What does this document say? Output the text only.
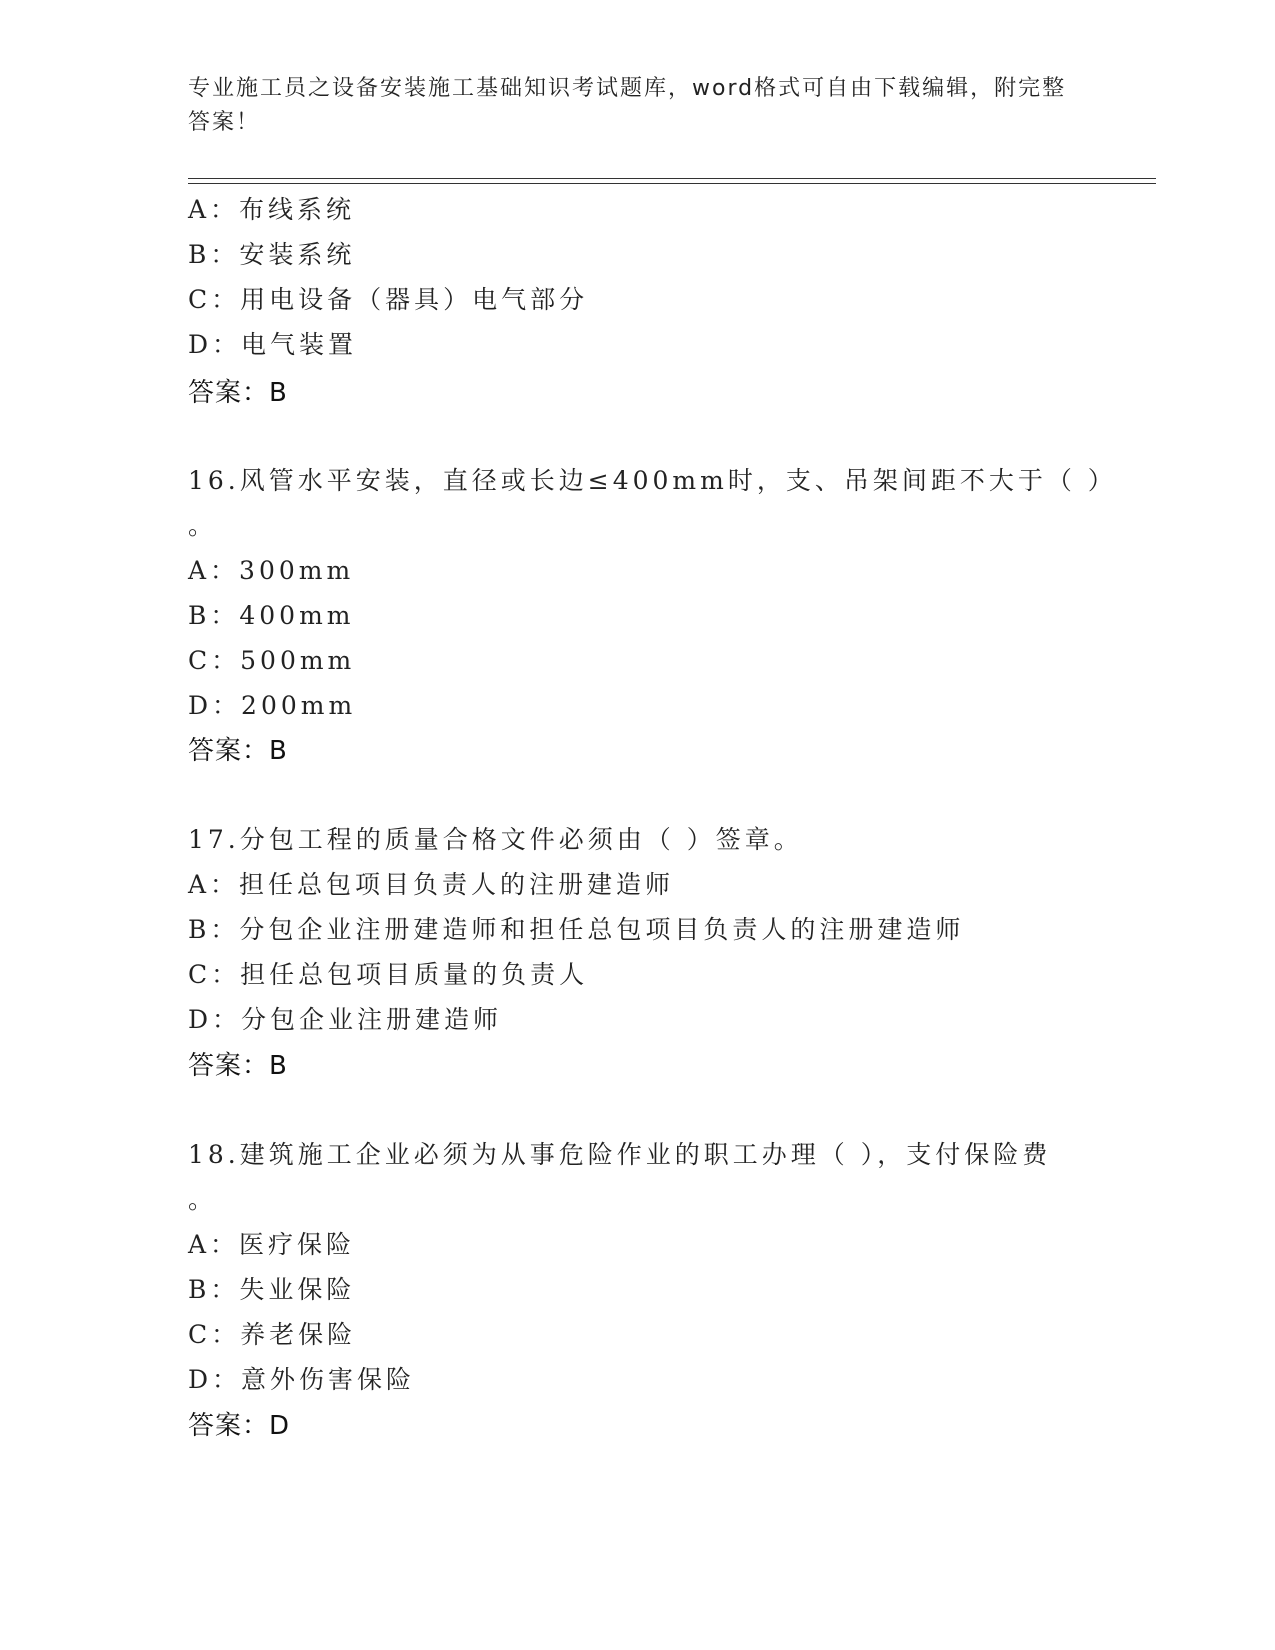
专业施工员之设备安装施工基础知识考试题库，word格式可自由下载编辑，附完整答案！
A：布线系统
B：安装系统
C：用电设备（器具）电气部分
D：电气装置
答案：B
16.风管水平安装，直径或长边≤400mm时，支、吊架间距不大于（ ）
。
A：300mm
B：400mm
C：500mm
D：200mm
答案：B
17.分包工程的质量合格文件必须由（ ）签章。
A：担任总包项目负责人的注册建造师
B：分包企业注册建造师和担任总包项目负责人的注册建造师
C：担任总包项目质量的负责人
D：分包企业注册建造师
答案：B
18.建筑施工企业必须为从事危险作业的职工办理（ ），支付保险费
。
A：医疗保险
B：失业保险
C：养老保险
D：意外伤害保险
答案：D
